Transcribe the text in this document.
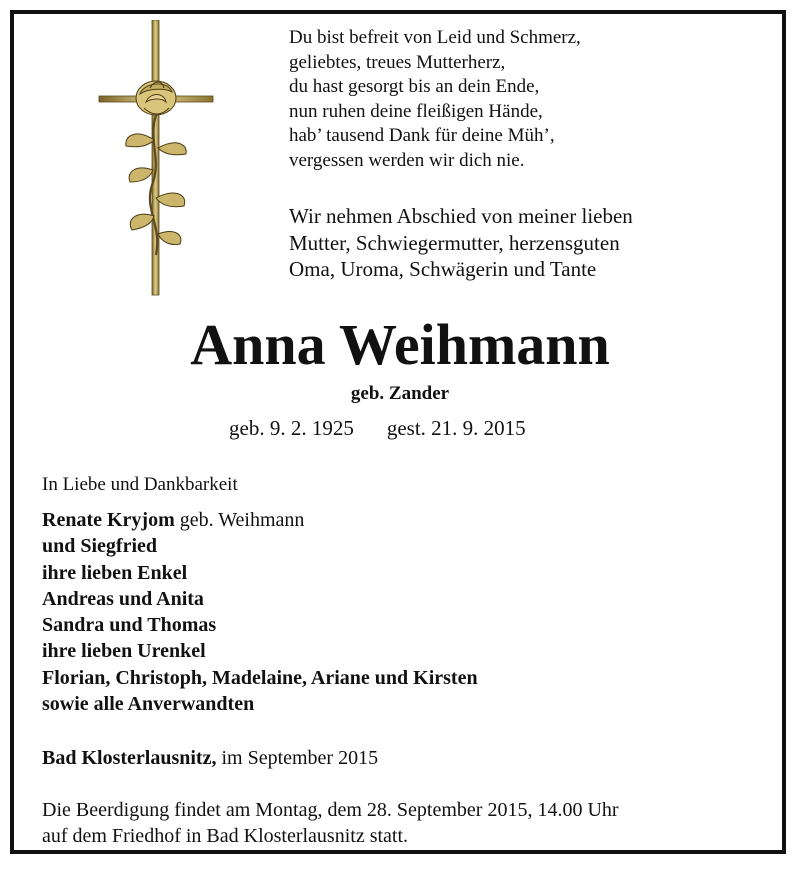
Du bist befreit von Leid und Schmerz,
geliebtes, treues Mutterherz,
du hast gesorgt bis an dein Ende,
nun ruhen deine fleißigen Hände,
hab’ tausend Dank für deine Müh’,
vergessen werden wir dich nie.
Wir nehmen Abschied von meiner lieben
Mutter, Schwiegermutter, herzensguten
Oma, Uroma, Schwägerin und Tante
Anna Weihmann
geb. Zander
geb. 9. 2. 1925 gest. 21. 9. 2015
In Liebe und Dankbarkeit
Renate Kryjom geb. Weihmann
und Siegfried
ihre lieben Enkel
Andreas und Anita
Sandra und Thomas
ihre lieben Urenkel
Florian, Christoph, Madelaine, Ariane und Kirsten
sowie alle Anverwandten
Bad Klosterlausnitz, im September 2015
Die Beerdigung findet am Montag, dem 28. September 2015, 14.00 Uhr
auf dem Friedhof in Bad Klosterlausnitz statt.
